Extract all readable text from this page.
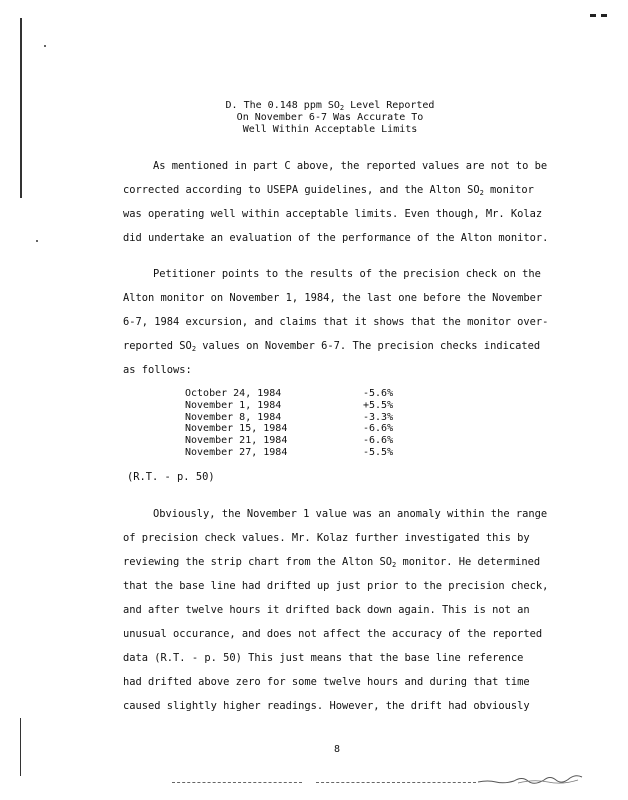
D. The 0.148 ppm $SO_2$ Level Reported
On November 6-7 Was Accurate To
Well Within Acceptable Limits
As mentioned in part C above, the reported values are not to be
corrected according to USEPA guidelines, and the Alton $SO_2$ monitor
was operating well within acceptable limits. Even though, Mr. Kolaz
did undertake an evaluation of the performance of the Alton monitor.
Petitioner points to the results of the precision check on the
Alton monitor on November 1, 1984, the last one before the November
6-7, 1984 excursion, and claims that it shows that the monitor over-
reported $SO_2$ values on November 6-7. The precision checks indicated
as follows:
October 24, 1984	-5.6%
November 1, 1984	+5.5%
November 8, 1984	-3.3%
November 15, 1984	-6.6%
November 21, 1984	-6.6%
November 27, 1984	-5.5%
(R.T. - p. 50)
Obviously, the November 1 value was an anomaly within the range
of precision check values. Mr. Kolaz further investigated this by
reviewing the strip chart from the Alton $SO_2$ monitor. He determined
that the base line had drifted up just prior to the precision check,
and after twelve hours it drifted back down again. This is not an
unusual occurance, and does not affect the accuracy of the reported
data (R.T. - p. 50) This just means that the base line reference
had drifted above zero for some twelve hours and during that time
caused slightly higher readings. However, the drift had obviously
8
